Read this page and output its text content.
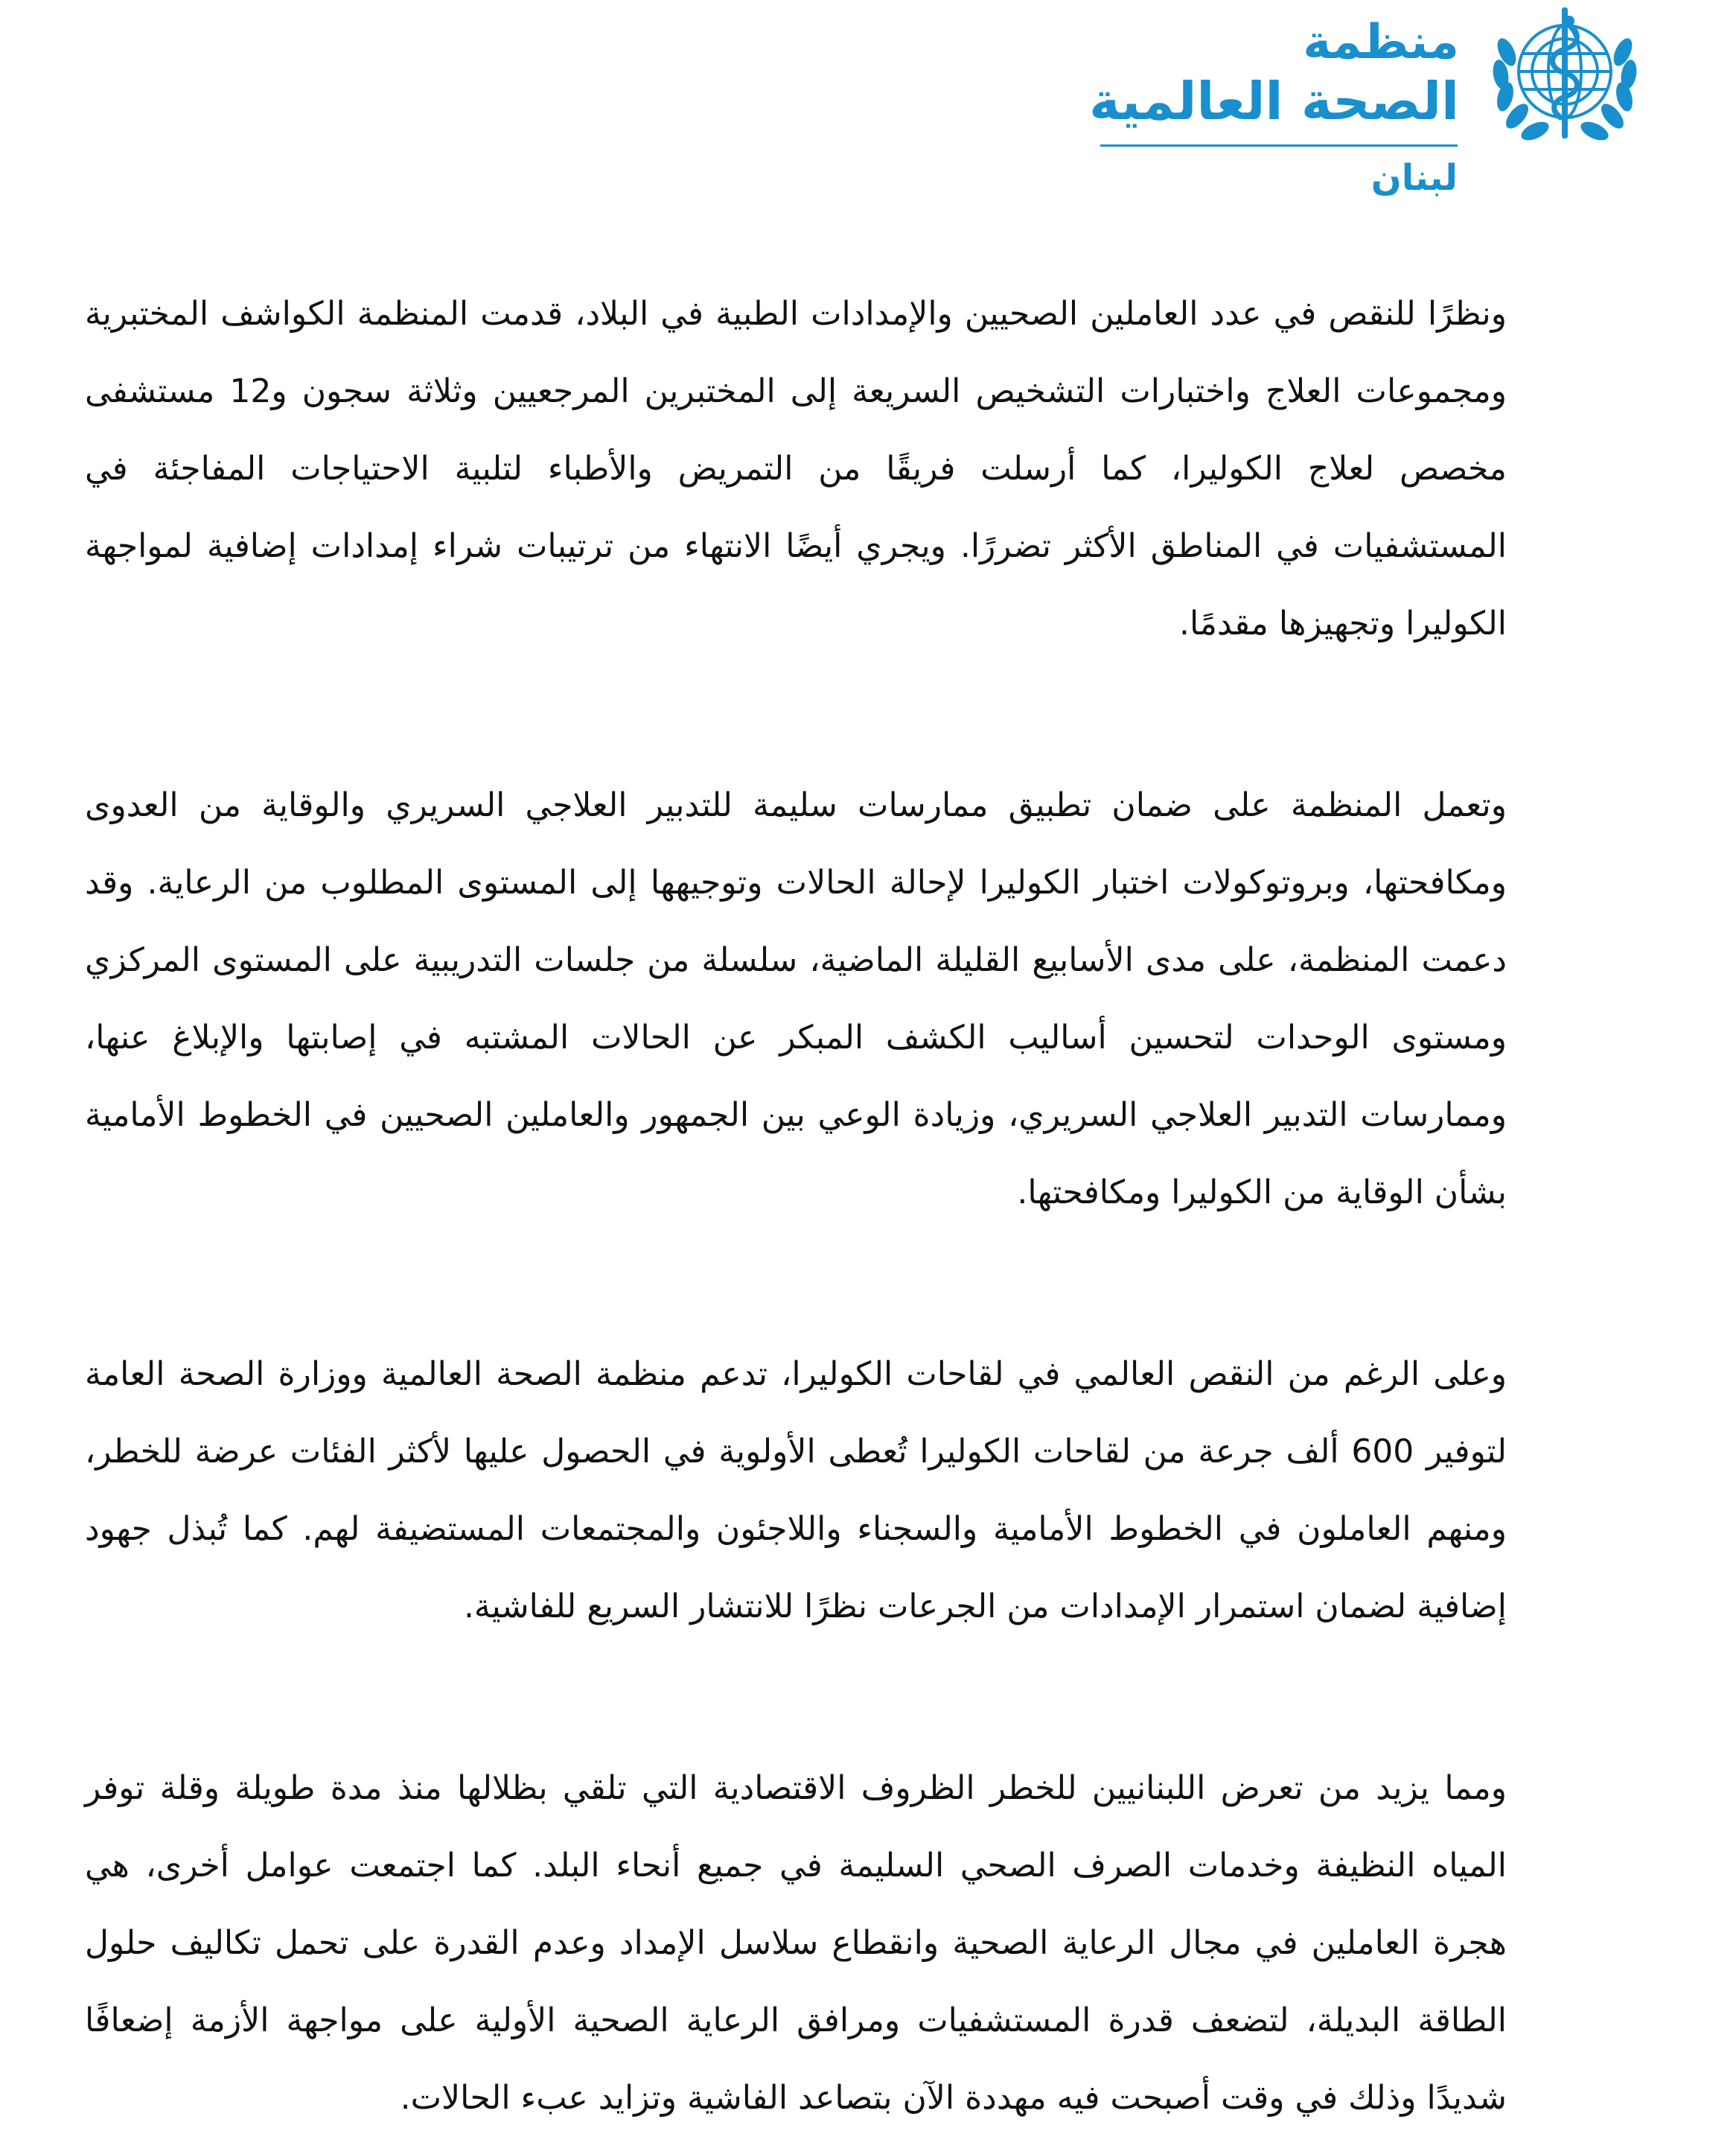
منظمة
الصحة العالمية
لبنان

ونظرًا للنقص في عدد العاملين الصحيين والإمدادات الطبية في البلاد، قدمت المنظمة الكواشف المختبرية ومجموعات العلاج واختبارات التشخيص السريعة إلى المختبرين المرجعيين وثلاثة سجون و12 مستشفى مخصص لعلاج الكوليرا، كما أرسلت فريقًا من التمريض والأطباء لتلبية الاحتياجات المفاجئة في المستشفيات في المناطق الأكثر تضررًا. ويجري أيضًا الانتهاء من ترتيبات شراء إمدادات إضافية لمواجهة الكوليرا وتجهيزها مقدمًا.

وتعمل المنظمة على ضمان تطبيق ممارسات سليمة للتدبير العلاجي السريري والوقاية من العدوى ومكافحتها، وبروتوكولات اختبار الكوليرا لإحالة الحالات وتوجيهها إلى المستوى المطلوب من الرعاية. وقد دعمت المنظمة، على مدى الأسابيع القليلة الماضية، سلسلة من جلسات التدريبية على المستوى المركزي ومستوى الوحدات لتحسين أساليب الكشف المبكر عن الحالات المشتبه في إصابتها والإبلاغ عنها، وممارسات التدبير العلاجي السريري، وزيادة الوعي بين الجمهور والعاملين الصحيين في الخطوط الأمامية بشأن الوقاية من الكوليرا ومكافحتها.

وعلى الرغم من النقص العالمي في لقاحات الكوليرا، تدعم منظمة الصحة العالمية ووزارة الصحة العامة لتوفير 600 ألف جرعة من لقاحات الكوليرا تُعطى الأولوية في الحصول عليها لأكثر الفئات عرضة للخطر، ومنهم العاملون في الخطوط الأمامية والسجناء واللاجئون والمجتمعات المستضيفة لهم. كما تُبذل جهود إضافية لضمان استمرار الإمدادات من الجرعات نظرًا للانتشار السريع للفاشية.

ومما يزيد من تعرض اللبنانيين للخطر الظروف الاقتصادية التي تلقي بظلالها منذ مدة طويلة وقلة توفر المياه النظيفة وخدمات الصرف الصحي السليمة في جميع أنحاء البلد. كما اجتمعت عوامل أخرى، هي هجرة العاملين في مجال الرعاية الصحية وانقطاع سلاسل الإمداد وعدم القدرة على تحمل تكاليف حلول الطاقة البديلة، لتضعف قدرة المستشفيات ومرافق الرعاية الصحية الأولية على مواجهة الأزمة إضعافًا شديدًا وذلك في وقت أصبحت فيه مهددة الآن بتصاعد الفاشية وتزايد عبء الحالات.
